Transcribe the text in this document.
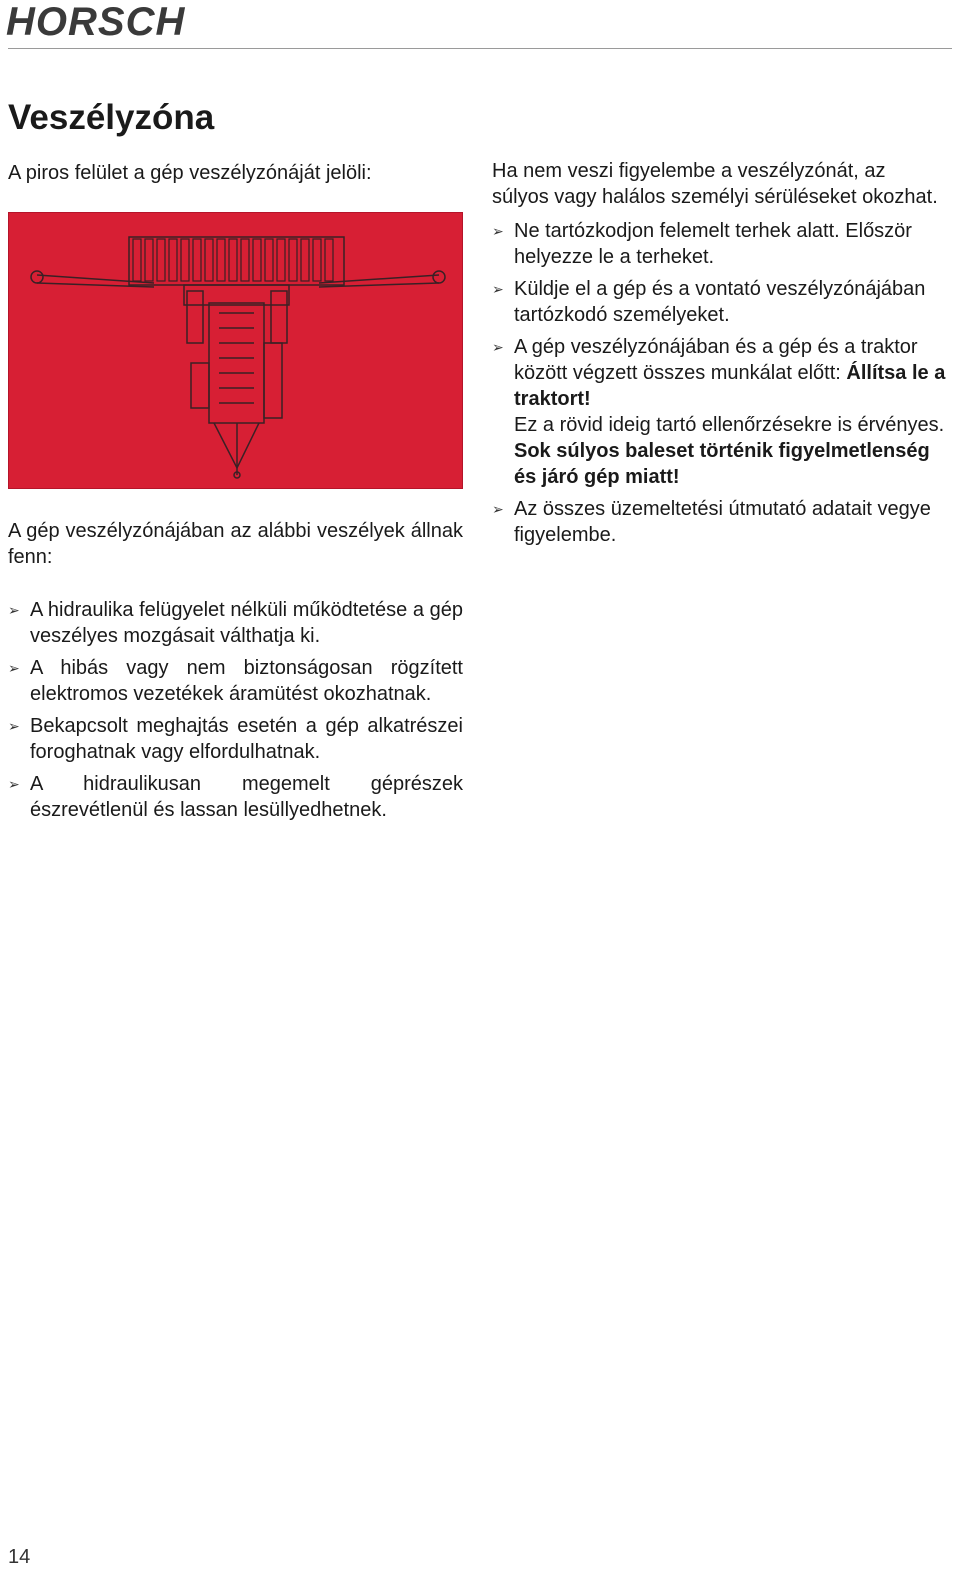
HORSCH
Veszélyzóna

A piros felület a gép veszélyzónáját jelöli:

A gép veszélyzónájában az alábbi veszélyek állnak fenn:

➢ A hidraulika felügyelet nélküli működtetése a gép veszélyes mozgásait válthatja ki.
➢ A hibás vagy nem biztonságosan rögzített elektromos vezetékek áramütést okozhatnak.
➢ Bekapcsolt meghajtás esetén a gép alkatrészei foroghatnak vagy elfordulhatnak.
➢ A hidraulikusan megemelt géprészek észrevétlenül és lassan lesüllyedhetnek.

Ha nem veszi figyelembe a veszélyzónát, az súlyos vagy halálos személyi sérüléseket okozhat.

➢ Ne tartózkodjon felemelt terhek alatt. Először helyezze le a terheket.
➢ Küldje el a gép és a vontató veszélyzónájában tartózkodó személyeket.
➢ A gép veszélyzónájában és a gép és a traktor között végzett összes munkálat előtt: Állítsa le a traktort!

Ez a rövid ideig tartó ellenőrzésekre is érvényes.

Sok súlyos baleset történik figyelmetlenség és járó gép miatt!

➢ Az összes üzemeltetési útmutató adatait vegye figyelembe.
14
